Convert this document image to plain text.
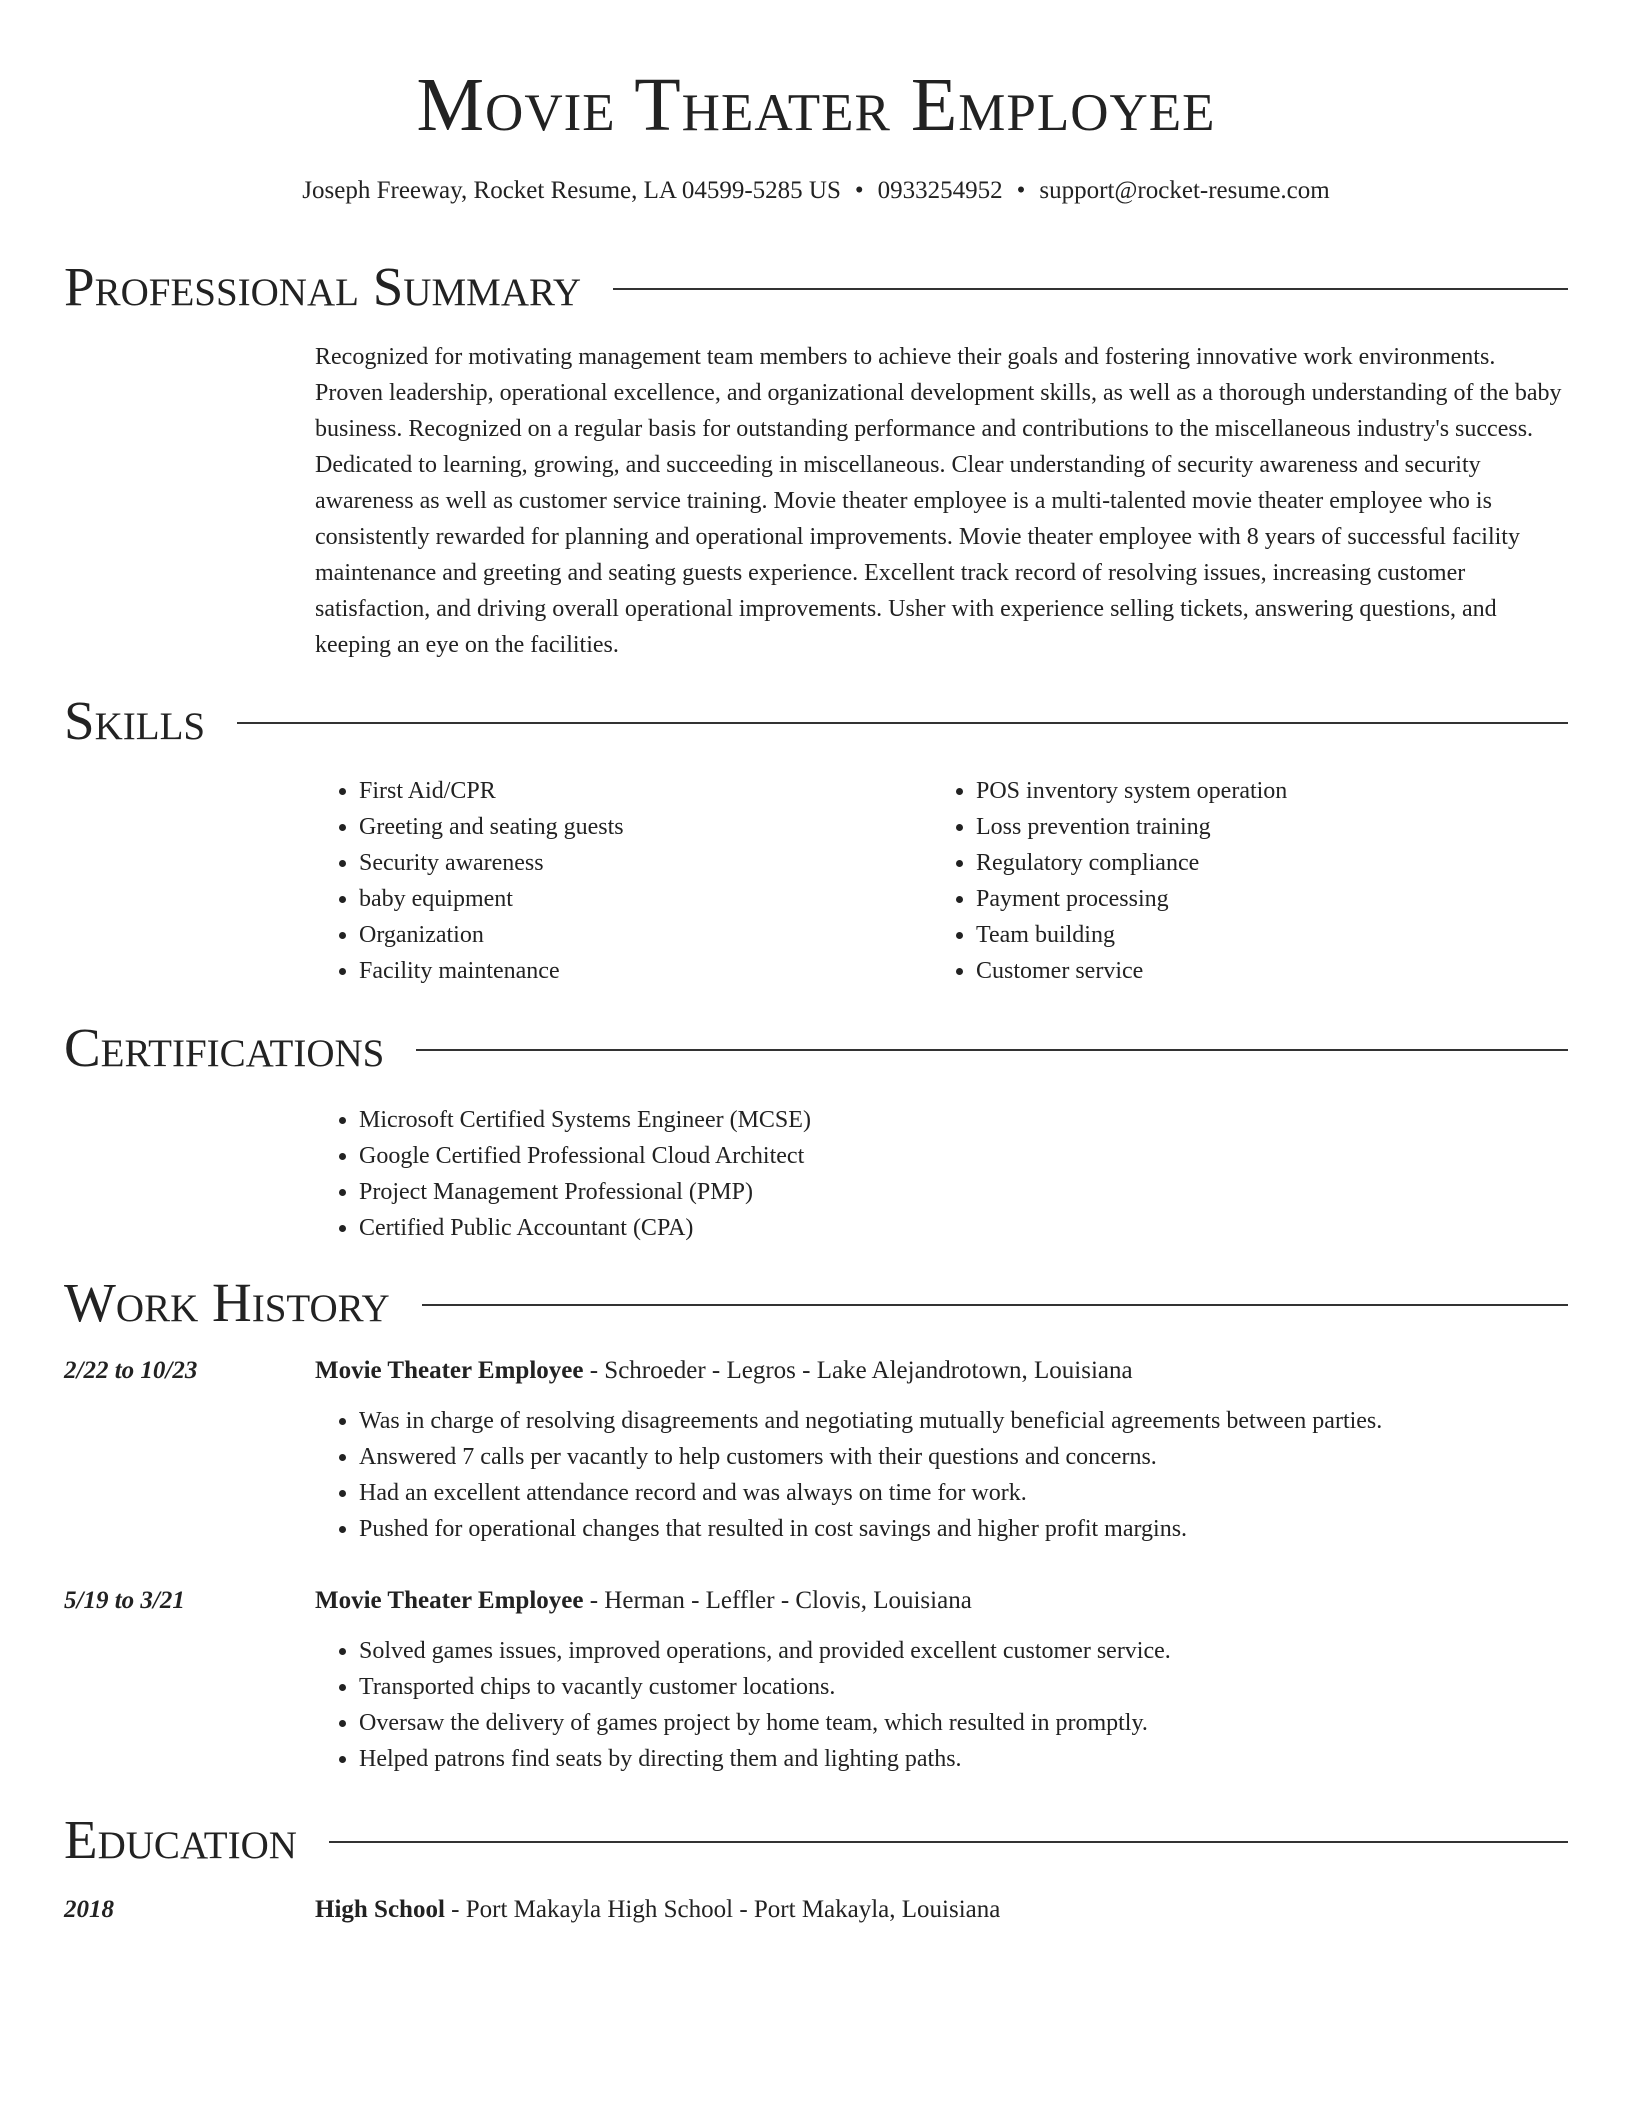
Movie Theater Employee
Joseph Freeway, Rocket Resume, LA 04599-5285 US • 0933254952 • support@rocket-resume.com
Professional Summary

Recognized for motivating management team members to achieve their goals and fostering innovative work environments. Proven leadership, operational excellence, and organizational development skills, as well as a thorough understanding of the baby business. Recognized on a regular basis for outstanding performance and contributions to the miscellaneous industry's success. Dedicated to learning, growing, and succeeding in miscellaneous. Clear understanding of security awareness and security awareness as well as customer service training. Movie theater employee is a multi-talented movie theater employee who is consistently rewarded for planning and operational improvements. Movie theater employee with 8 years of successful facility maintenance and greeting and seating guests experience. Excellent track record of resolving issues, increasing customer satisfaction, and driving overall operational improvements. Usher with experience selling tickets, answering questions, and keeping an eye on the facilities.

Skills
• First Aid/CPR
• Greeting and seating guests
• Security awareness
• baby equipment
• Organization
• Facility maintenance
• POS inventory system operation
• Loss prevention training
• Regulatory compliance
• Payment processing
• Team building
• Customer service
Certifications
• Microsoft Certified Systems Engineer (MCSE)
• Google Certified Professional Cloud Architect
• Project Management Professional (PMP)
• Certified Public Accountant (CPA)
Work History
2/22 to 10/23	Movie Theater Employee - Schroeder - Legros - Lake Alejandrotown, Louisiana
• Was in charge of resolving disagreements and negotiating mutually beneficial agreements between parties.
• Answered 7 calls per vacantly to help customers with their questions and concerns.
• Had an excellent attendance record and was always on time for work.
• Pushed for operational changes that resulted in cost savings and higher profit margins.
5/19 to 3/21	Movie Theater Employee - Herman - Leffler - Clovis, Louisiana
• Solved games issues, improved operations, and provided excellent customer service.
• Transported chips to vacantly customer locations.
• Oversaw the delivery of games project by home team, which resulted in promptly.
• Helped patrons find seats by directing them and lighting paths.
Education
2018	High School - Port Makayla High School - Port Makayla, Louisiana
